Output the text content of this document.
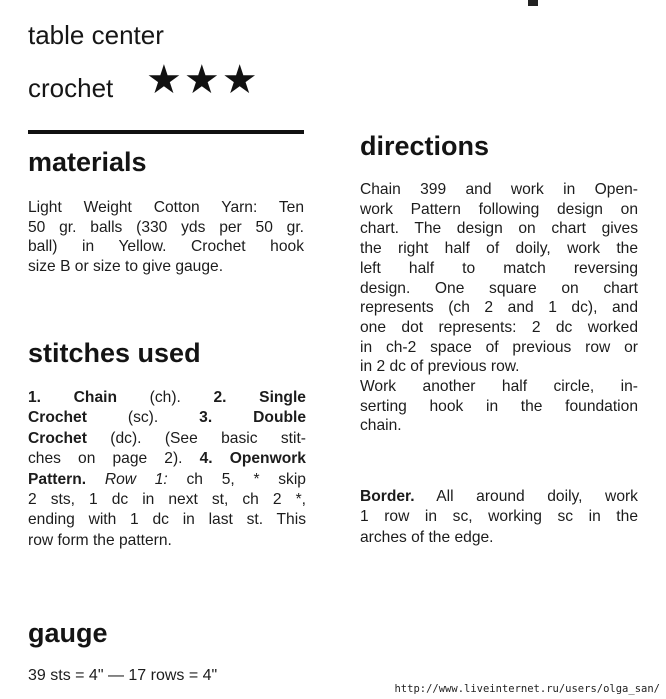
table center
crochet ★★★
materials
Light Weight Cotton Yarn: Ten
50 gr. balls (330 yds per 50 gr.
ball) in Yellow. Crochet hook
size B or size to give gauge.
stitches used
1. Chain (ch). 2. Single
Crochet	(sc).	3.	Double
Crochet (dc). (See basic stit-
ches on page 2). 4. Openwork
Pattern. Row 1: ch 5, * skip
2 sts, 1 dc in next st, ch 2 *,
ending with 1 dc in last st. This
row form the pattern.
gauge
39 sts = 4" — 17 rows = 4"
directions
Chain 399 and work in Open-
work Pattern following design on
chart. The design on chart gives
the right half of doily, work the
left half to match reversing
design. One square on chart
represents (ch 2 and 1 dc), and
one dot represents: 2 dc worked
in ch-2 space of previous row or
in 2 dc of previous row.
Work another half circle, in-
serting hook in the foundation
chain.
Border. All around doily, work
1 row in sc, working sc in the
arches of the edge.
http://www.liveinternet.ru/users/olga_san/
